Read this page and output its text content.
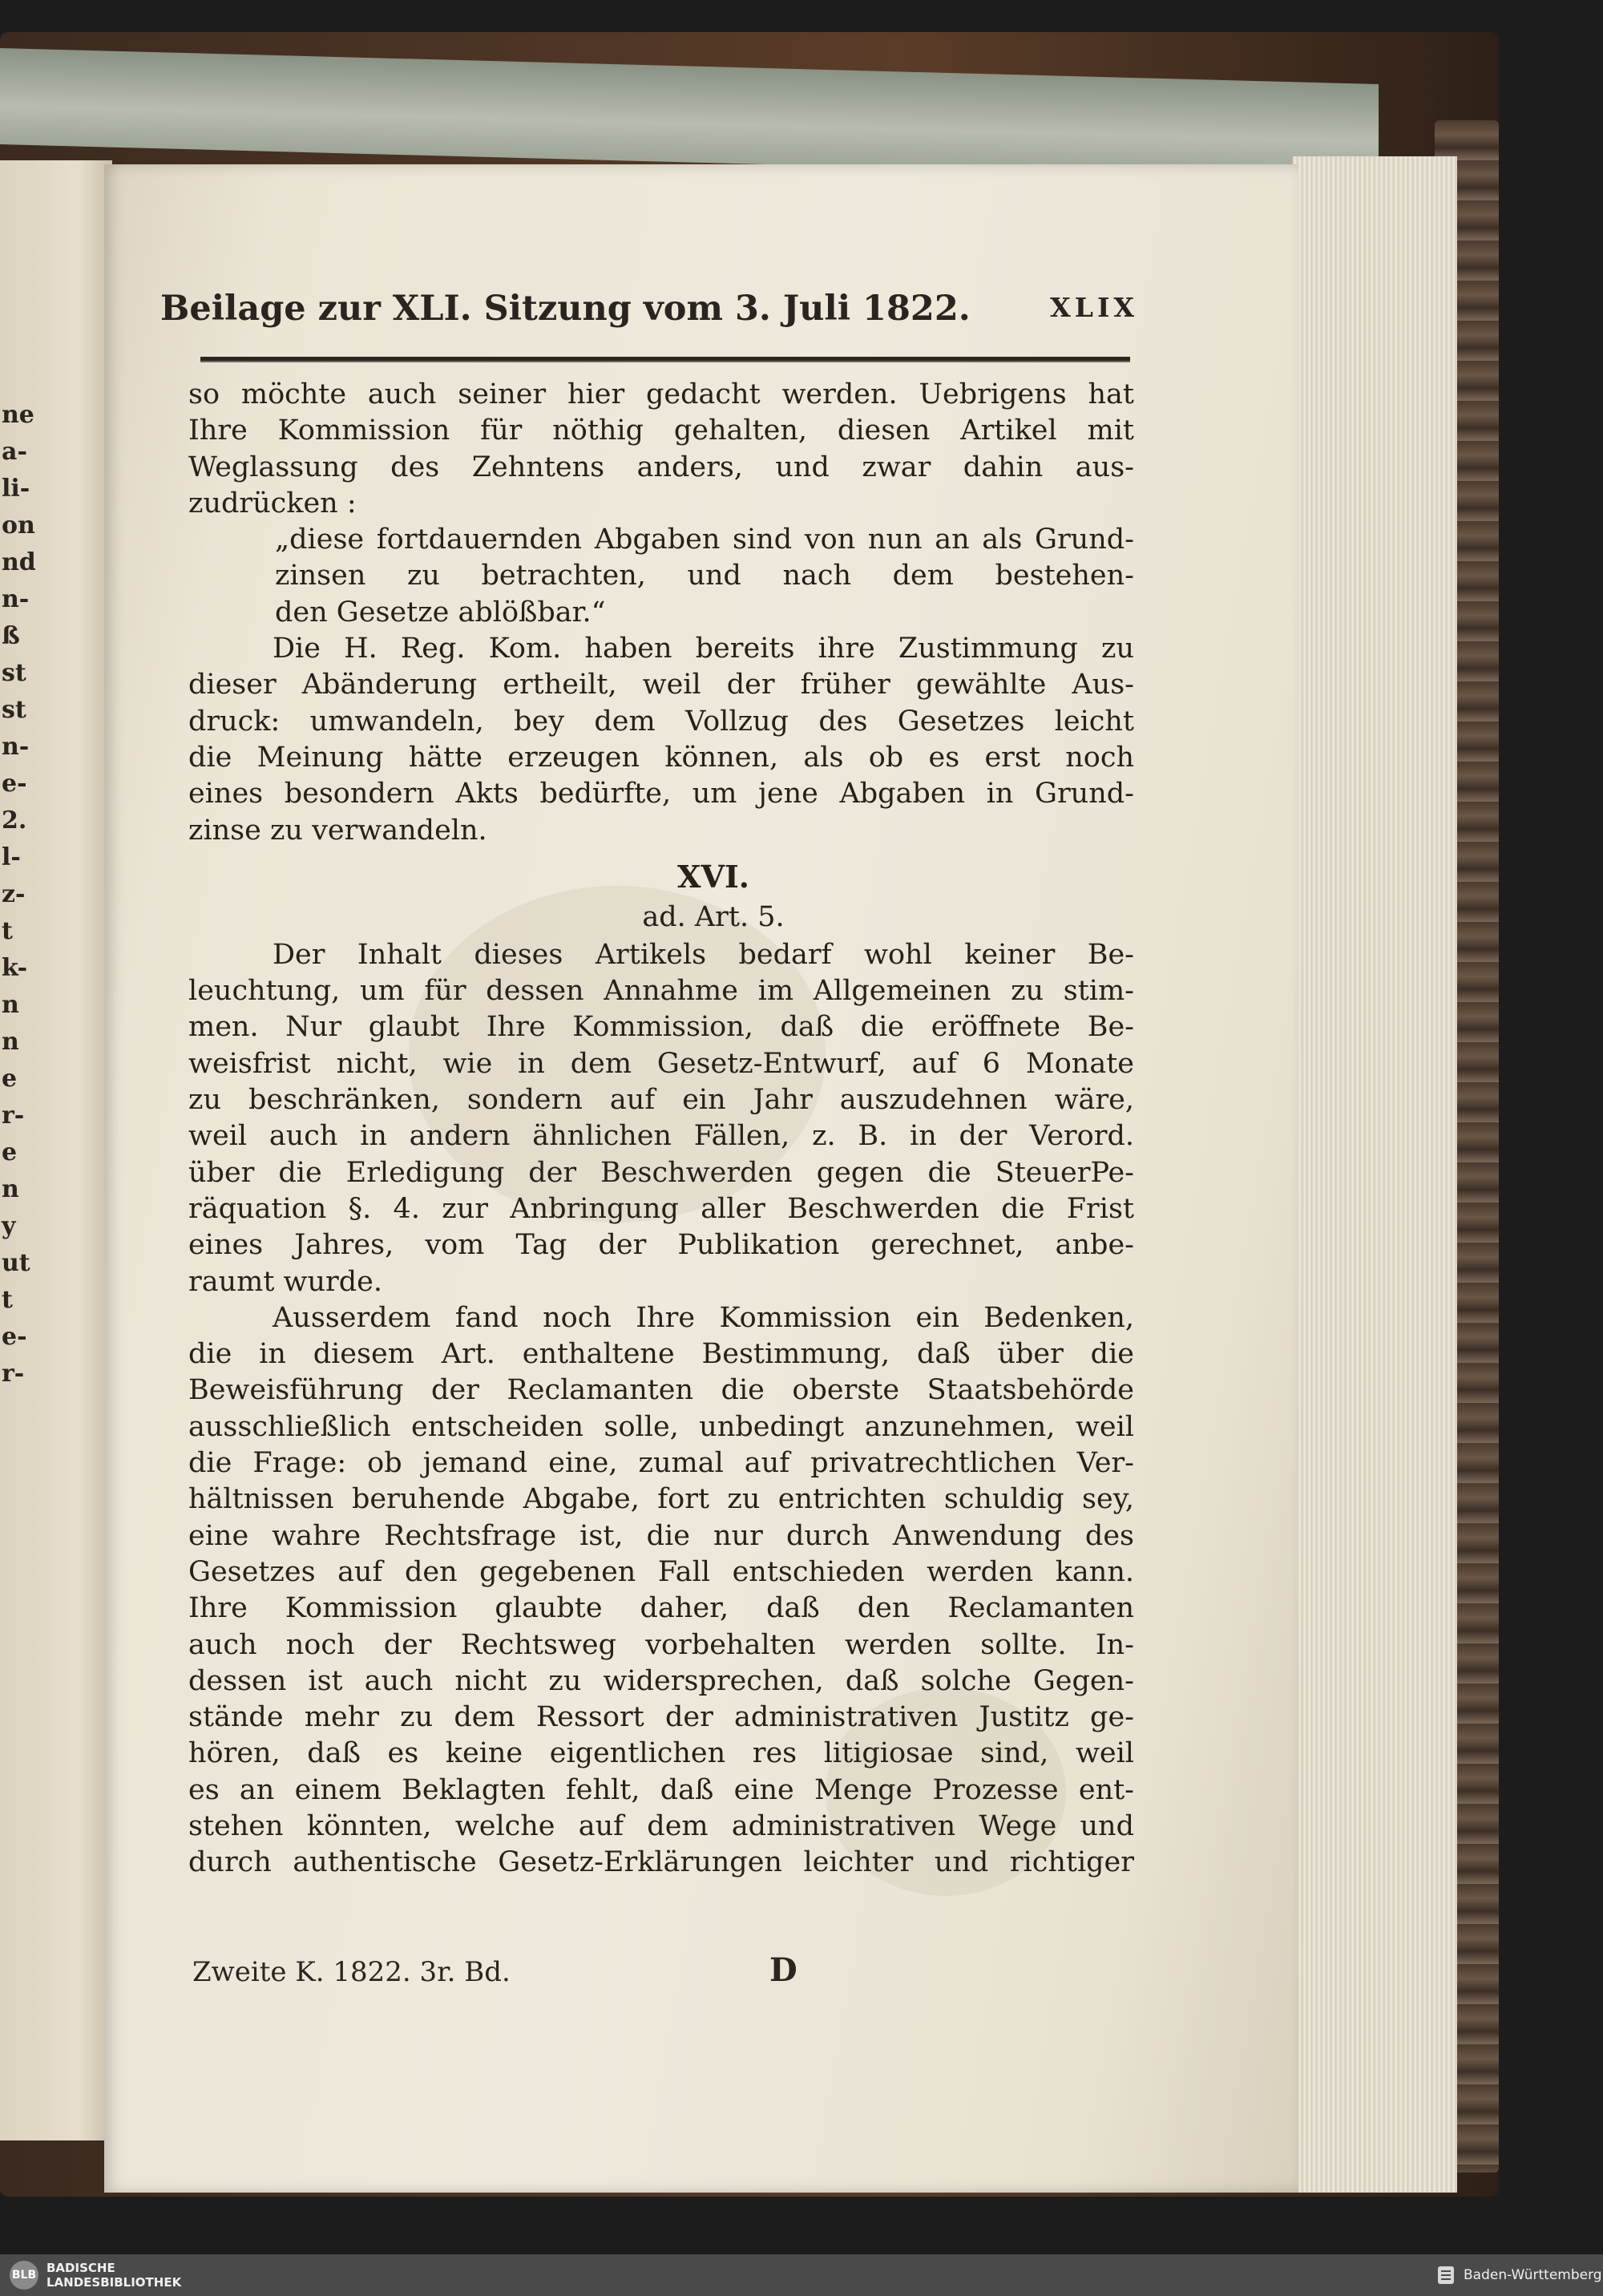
ne
a-
li-
on
nd
n-
ß
st
st
n-
e-
2.
l-
z-
t
k-
n
n
e
r-
e
n
y
ut
t
e-
r-
Beilage zur XLI. Sitzung vom 3. Juli 1822.	XLIX
so möchte auch seiner hier gedacht werden. Uebrigens hat
Ihre Kommission für nöthig gehalten, diesen Artikel mit
Weglassung des Zehntens anders, und zwar dahin aus-
zudrücken :
„diese fortdauernden Abgaben sind von nun an als Grund-
zinsen zu betrachten, und nach dem bestehen-
den Gesetze ablößbar.“
Die H. Reg. Kom. haben bereits ihre Zustimmung zu
dieser Abänderung ertheilt, weil der früher gewählte Aus-
druck: umwandeln, bey dem Vollzug des Gesetzes leicht
die Meinung hätte erzeugen können, als ob es erst noch
eines besondern Akts bedürfte, um jene Abgaben in Grund-
zinse zu verwandeln.
XVI.
ad. Art. 5.
Der Inhalt dieses Artikels bedarf wohl keiner Be-
leuchtung, um für dessen Annahme im Allgemeinen zu stim-
men. Nur glaubt Ihre Kommission, daß die eröffnete Be-
weisfrist nicht, wie in dem Gesetz-Entwurf, auf 6 Monate
zu beschränken, sondern auf ein Jahr auszudehnen wäre,
weil auch in andern ähnlichen Fällen, z. B. in der Verord.
über die Erledigung der Beschwerden gegen die SteuerPe-
räquation §. 4. zur Anbringung aller Beschwerden die Frist
eines Jahres, vom Tag der Publikation gerechnet, anbe-
raumt wurde.
Ausserdem fand noch Ihre Kommission ein Bedenken,
die in diesem Art. enthaltene Bestimmung, daß über die
Beweisführung der Reclamanten die oberste Staatsbehörde
ausschließlich entscheiden solle, unbedingt anzunehmen, weil
die Frage: ob jemand eine, zumal auf privatrechtlichen Ver-
hältnissen beruhende Abgabe, fort zu entrichten schuldig sey,
eine wahre Rechtsfrage ist, die nur durch Anwendung des
Gesetzes auf den gegebenen Fall entschieden werden kann.
Ihre Kommission glaubte daher, daß den Reclamanten
auch noch der Rechtsweg vorbehalten werden sollte. In-
dessen ist auch nicht zu widersprechen, daß solche Gegen-
stände mehr zu dem Ressort der administrativen Justitz ge-
hören, daß es keine eigentlichen res litigiosae sind, weil
es an einem Beklagten fehlt, daß eine Menge Prozesse ent-
stehen könnten, welche auf dem administrativen Wege und
durch authentische Gesetz-Erklärungen leichter und richtiger
Zweite K. 1822. 3r. Bd.	D
BLB BADISCHE
LANDESBIBLIOTHEK	Baden-Württemberg
